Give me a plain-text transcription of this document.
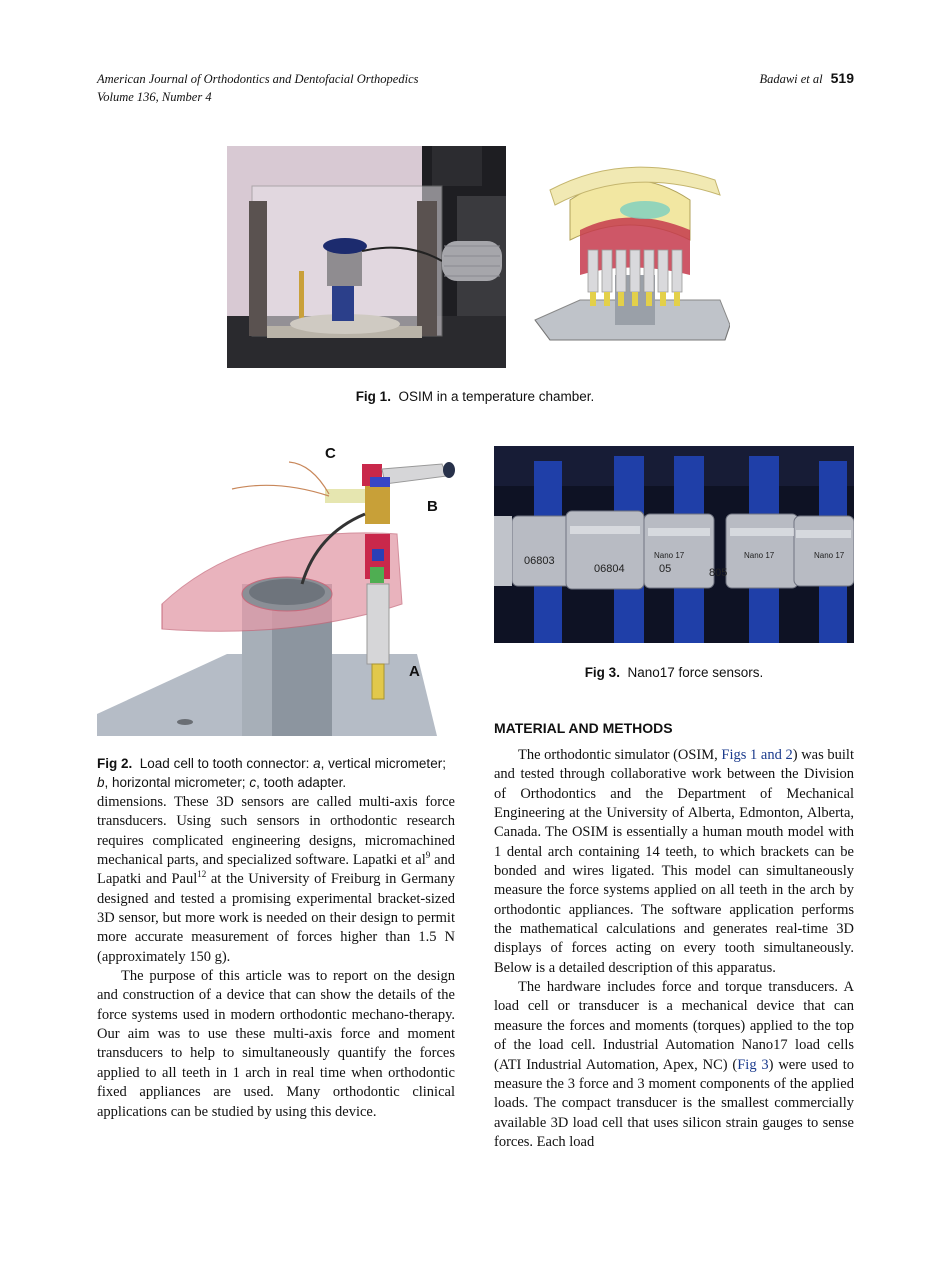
American Journal of Orthodontics and Dentofacial Orthopedics
Volume 136, Number 4
Badawi et al 519
Fig 1. OSIM in a temperature chamber.
C
B
A
Fig 2. Load cell to tooth connector: a, vertical micrometer; b, horizontal micrometer; c, tooth adapter.
06803
06804	05	805
Nano 17	Nano 17	Nano 17
Fig 3. Nano17 force sensors.

dimensions. These 3D sensors are called multi-axis force transducers. Using such sensors in orthodontic research requires complicated engineering designs, micromachined mechanical parts, and specialized software. Lapatki et $al^9$ and Lapatki and Paul$^{12}$ at the University of Freiburg in Germany designed and tested a promising experimental bracket-sized 3D sensor, but more work is needed on their design to permit more accurate measurement of forces higher than 1.5 N (approximately 150 g).

The purpose of this article was to report on the design and construction of a device that can show the details of the force systems used in modern orthodontic mechano-therapy. Our aim was to use these multi-axis force and moment transducers to help to simultaneously quantify the forces applied to all teeth in 1 arch in real time when orthodontic fixed appliances are used. Many orthodontic clinical applications can be studied by using this device.

MATERIAL AND METHODS

The orthodontic simulator (OSIM, Figs 1 and 2) was built and tested through collaborative work between the Division of Orthodontics and the Department of Mechanical Engineering at the University of Alberta, Edmonton, Alberta, Canada. The OSIM is essentially a human mouth model with 1 dental arch containing 14 teeth, to which brackets can be bonded and wires ligated. This model can simultaneously measure the force systems applied on all teeth in the arch by orthodontic appliances. The software application performs the mathematical calculations and generates real-time 3D displays of forces acting on every tooth simultaneously. Below is a detailed description of this apparatus.

The hardware includes force and torque transducers. A load cell or transducer is a mechanical device that can measure the forces and moments (torques) applied to the top of the load cell. Industrial Automation Nano17 load cells (ATI Industrial Automation, Apex, NC) (Fig 3) were used to measure the 3 force and 3 moment components of the applied loads. The compact transducer is the smallest commercially available 3D load cell that uses silicon strain gauges to sense forces. Each load
